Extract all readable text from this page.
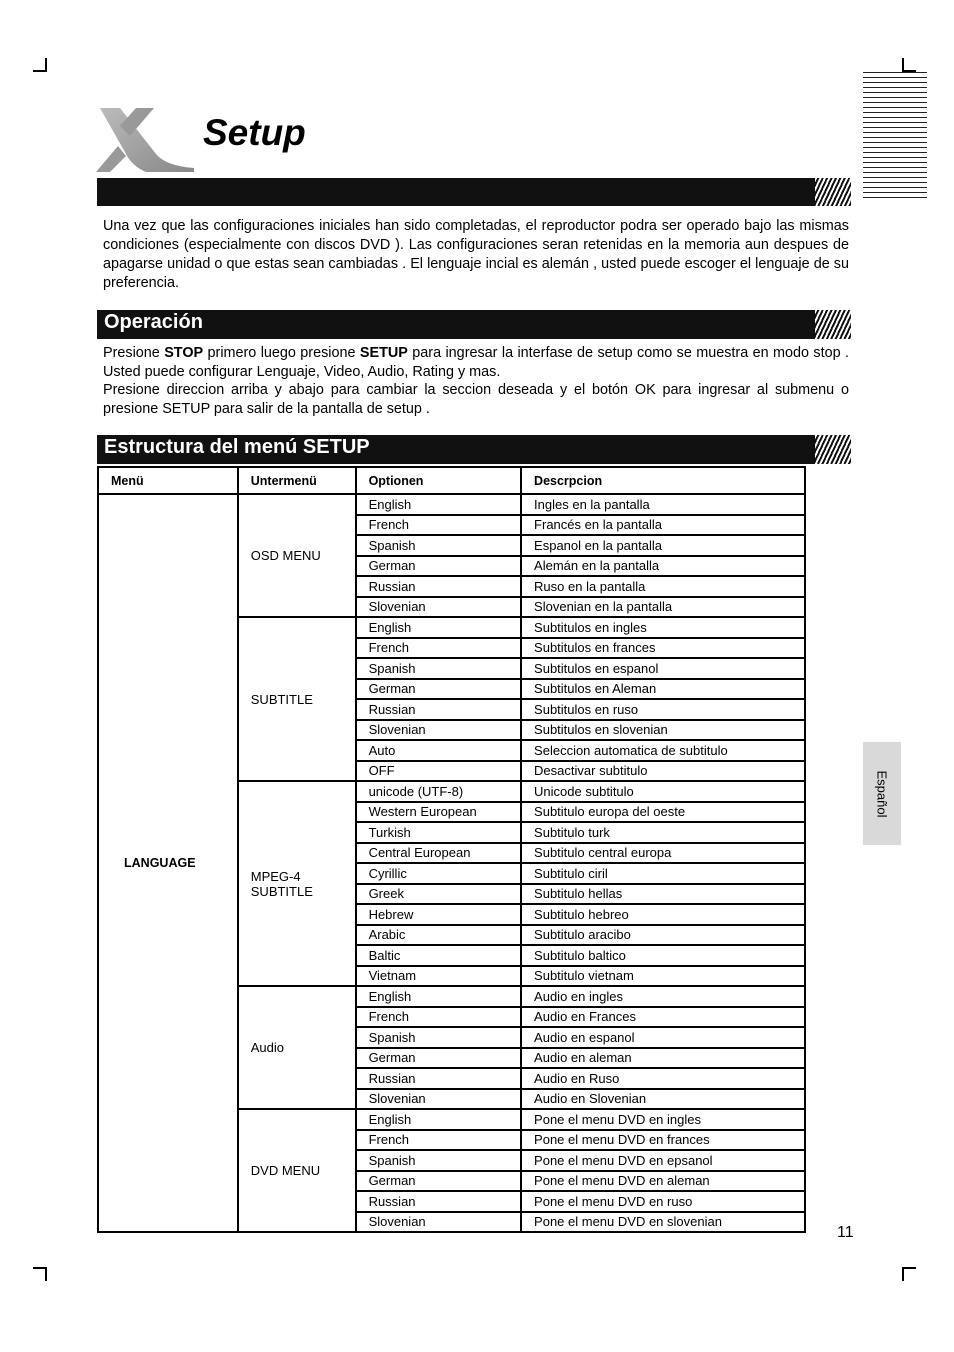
Setup
Una vez que las configuraciones iniciales han sido completadas, el reproductor podra ser operado bajo las mismas condiciones (especialmente con discos DVD ). Las configuraciones seran retenidas en la memoria aun despues de apagarse unidad o que estas sean cambiadas . El lenguaje incial es alemán , usted puede escoger el lenguaje de su preferencia.
Operación
Presione STOP primero luego presione SETUP para ingresar la interfase de setup como se muestra en modo stop . Usted puede configurar Lenguaje, Video, Audio, Rating y mas.
Presione direccion arriba y abajo para cambiar la seccion deseada y el botón OK para ingresar al submenu o presione SETUP para salir de la pantalla de setup .
Estructura del menú SETUP
Menü	Untermenü	Optionen	Descrpcion
LANGUAGE	OSD MENU	English	Ingles en la pantalla
		French	Francés en la pantalla
		Spanish	Espanol en la pantalla
		German	Alemán en la pantalla
		Russian	Ruso en la pantalla
		Slovenian	Slovenian en la pantalla
	SUBTITLE	English	Subtitulos en ingles
		French	Subtitulos en frances
		Spanish	Subtitulos en espanol
		German	Subtitulos en Aleman
		Russian	Subtitulos en ruso
		Slovenian	Subtitulos en slovenian
		Auto	Seleccion automatica de subtitulo
		OFF	Desactivar subtitulo
	MPEG-4 SUBTITLE	unicode (UTF-8)	Unicode subtitulo
		Western European	Subtitulo europa del oeste
		Turkish	Subtitulo turk
		Central European	Subtitulo central europa
		Cyrillic	Subtitulo ciril
		Greek	Subtitulo hellas
		Hebrew	Subtitulo hebreo
		Arabic	Subtitulo aracibo
		Baltic	Subtitulo baltico
		Vietnam	Subtitulo vietnam
	Audio	English	Audio en ingles
		French	Audio en Frances
		Spanish	Audio en espanol
		German	Audio en aleman
		Russian	Audio en Ruso
		Slovenian	Audio en Slovenian
	DVD MENU	English	Pone el menu DVD en ingles
		French	Pone el menu DVD en frances
		Spanish	Pone el menu DVD en epsanol
		German	Pone el menu DVD en aleman
		Russian	Pone el menu DVD en ruso
		Slovenian	Pone el menu DVD en slovenian
Español
11
